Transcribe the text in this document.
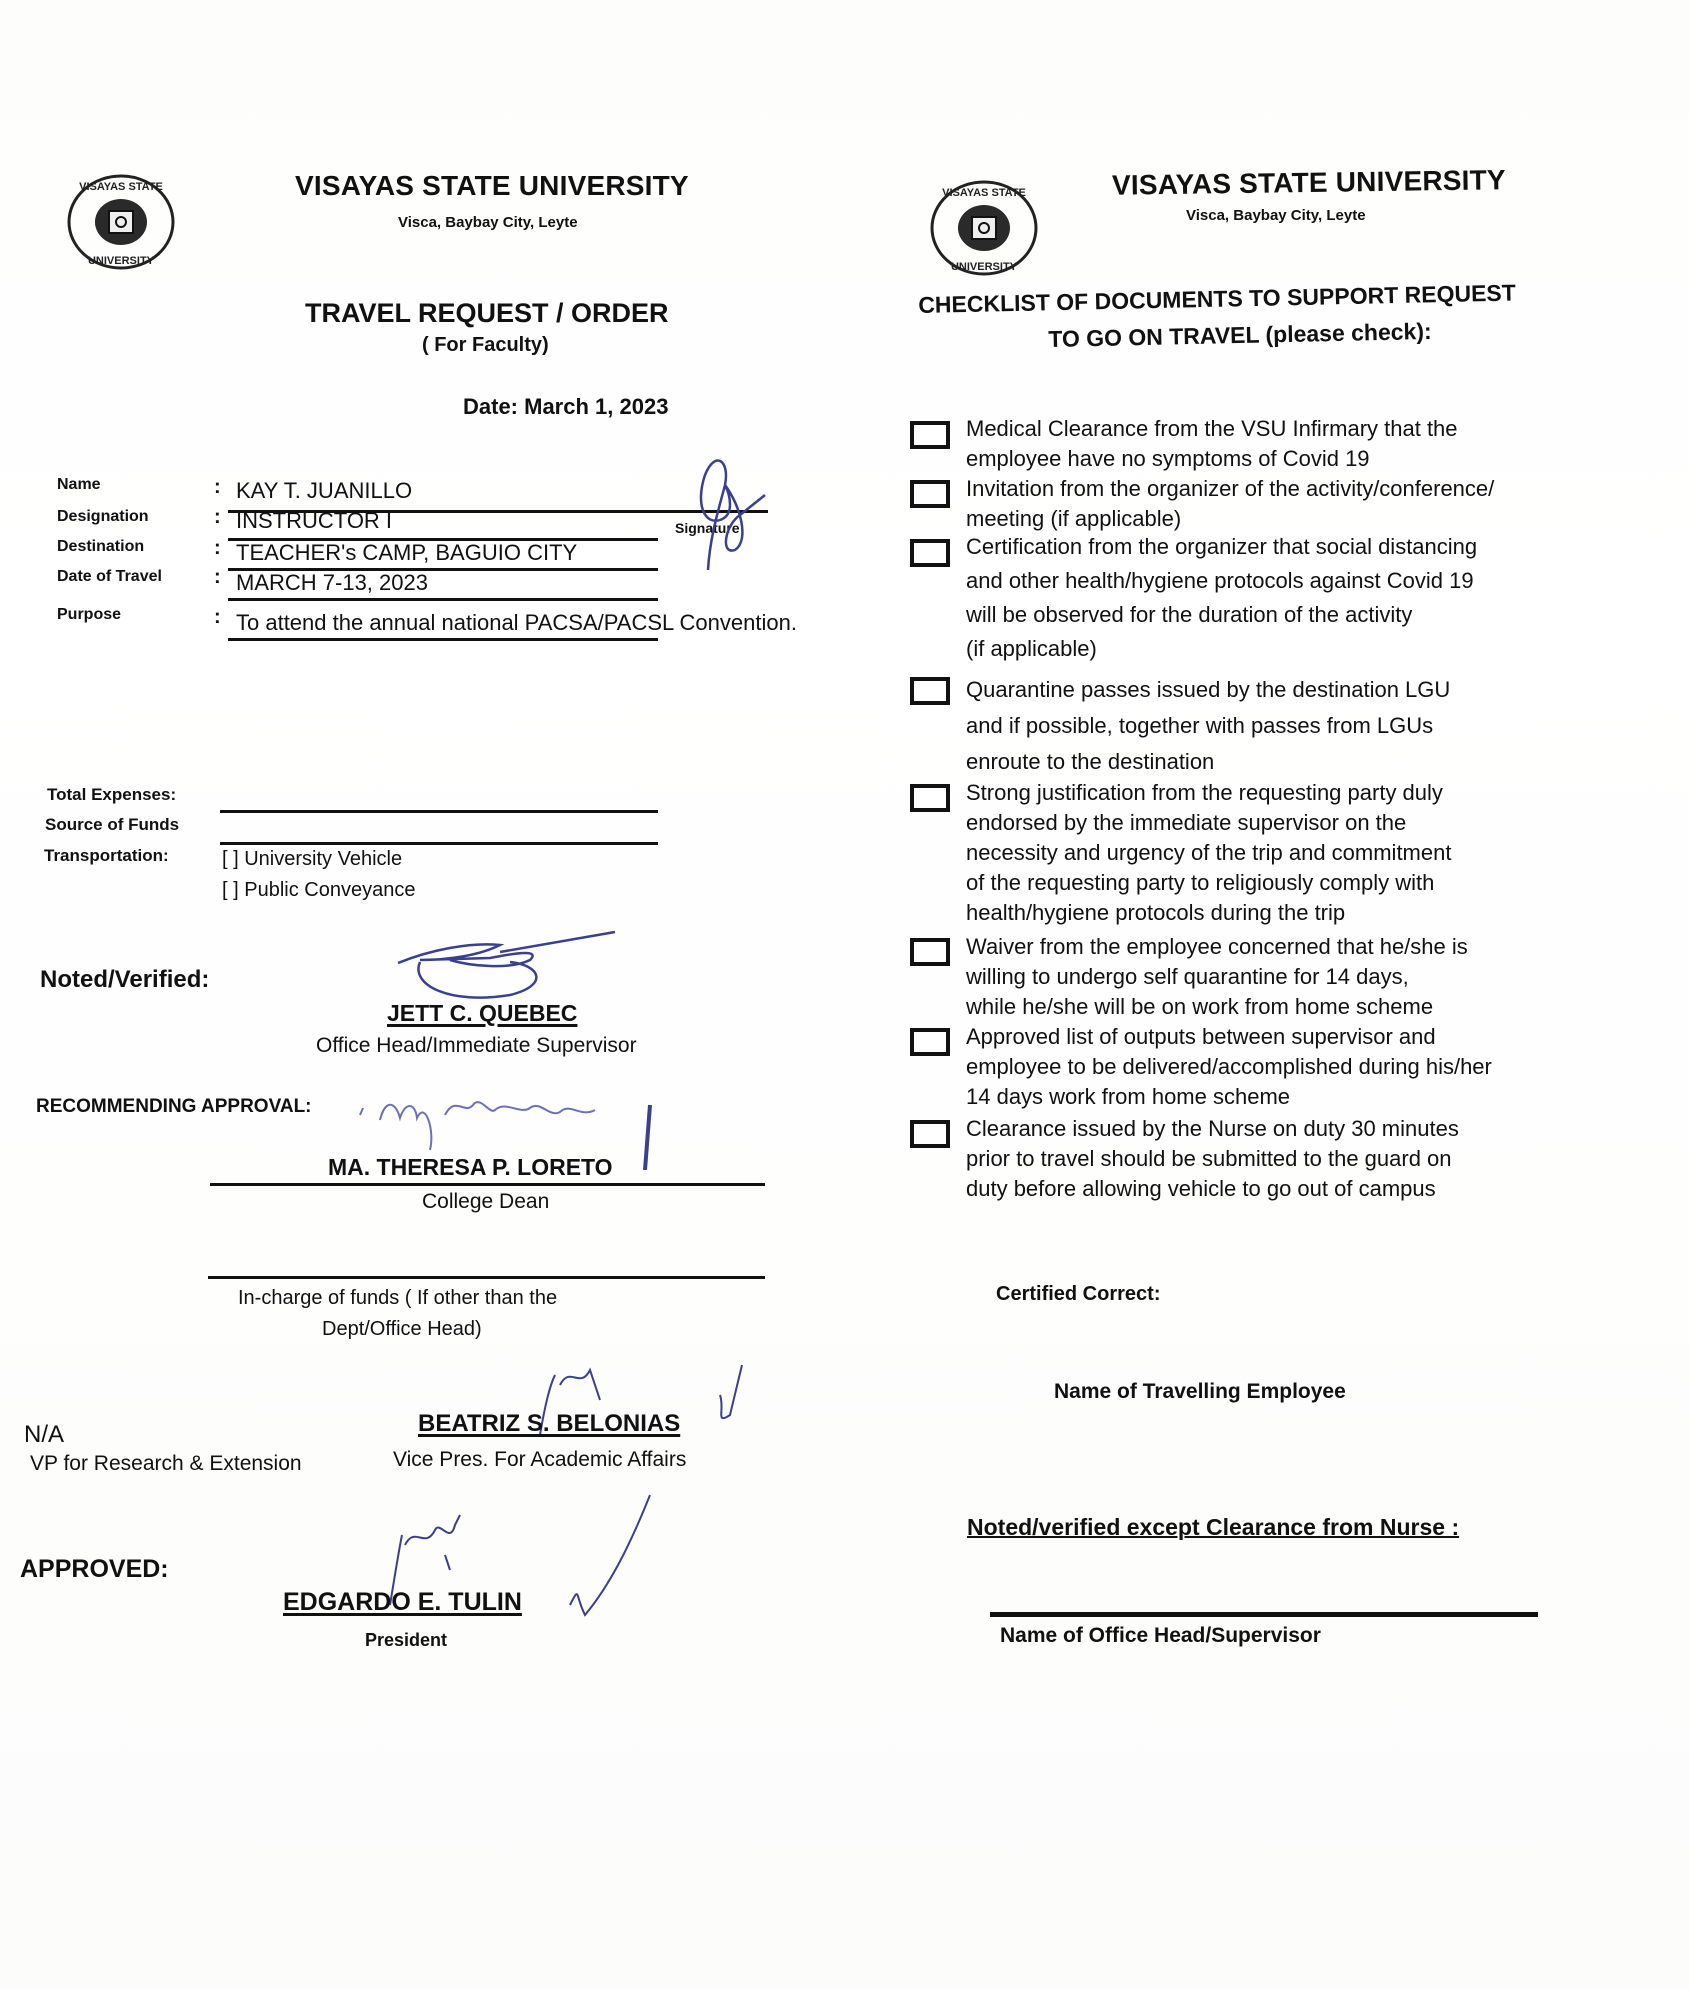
VISAYAS STATE
UNIVERSITY
VISAYAS STATE UNIVERSITY
Visca, Baybay City, Leyte
TRAVEL REQUEST / ORDER
( For Faculty)
Date: March 1, 2023
Name	: KAY T. JUANILLO
Designation	: INSTRUCTOR I	Signature
Destination	: TEACHER's CAMP, BAGUIO CITY
Date of Travel	: MARCH 7-13, 2023
Purpose	: To attend the annual national PACSA/PACSL Convention.
Total Expenses:
Source of Funds
Transportation:	[ ] University Vehicle
[ ] Public Conveyance
Noted/Verified:
JETT C. QUEBEC
Office Head/Immediate Supervisor
RECOMMENDING APPROVAL:
MA. THERESA P. LORETO
College Dean
In-charge of funds ( If other than the
Dept/Office Head)
N/A
VP for Research & Extension
BEATRIZ S. BELONIAS
Vice Pres. For Academic Affairs
APPROVED:
EDGARDO E. TULIN
President
VISAYAS STATE
UNIVERSITY
VISAYAS STATE UNIVERSITY
Visca, Baybay City, Leyte
CHECKLIST OF DOCUMENTS TO SUPPORT REQUEST
TO GO ON TRAVEL (please check):
Medical Clearance from the VSU Infirmary that the
employee have no symptoms of Covid 19
Invitation from the organizer of the activity/conference/
meeting (if applicable)
Certification from the organizer that social distancing
and other health/hygiene protocols against Covid 19
will be observed for the duration of the activity
(if applicable)
Quarantine passes issued by the destination LGU
and if possible, together with passes from LGUs
enroute to the destination
Strong justification from the requesting party duly
endorsed by the immediate supervisor on the
necessity and urgency of the trip and commitment
of the requesting party to religiously comply with
health/hygiene protocols during the trip
Waiver from the employee concerned that he/she is
willing to undergo self quarantine for 14 days,
while he/she will be on work from home scheme
Approved list of outputs between supervisor and
employee to be delivered/accomplished during his/her
14 days work from home scheme
Clearance issued by the Nurse on duty 30 minutes
prior to travel should be submitted to the guard on
duty before allowing vehicle to go out of campus
Certified Correct:
Name of Travelling Employee
Noted/verified except Clearance from Nurse :
Name of Office Head/Supervisor
